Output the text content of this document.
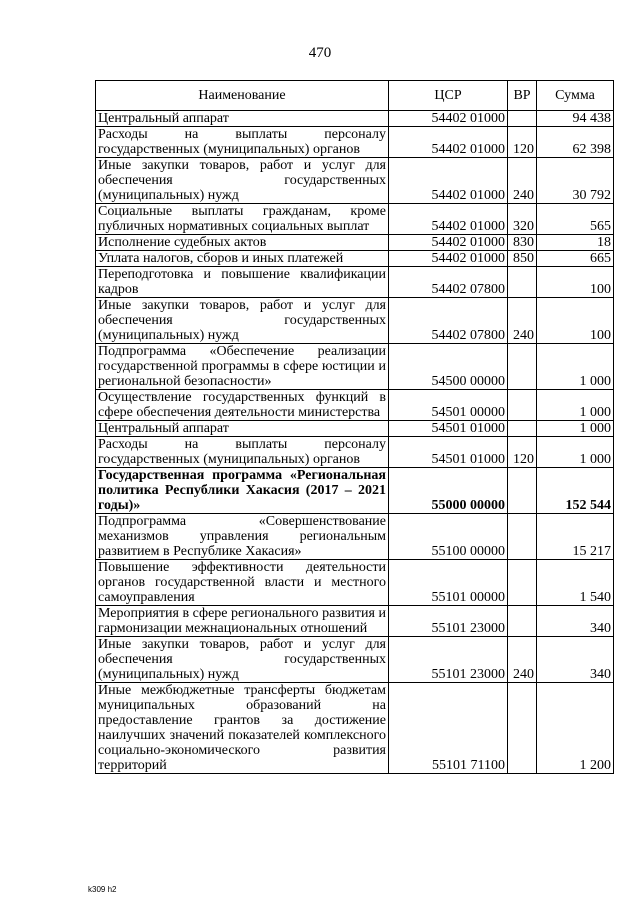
470
Наименование	ЦСР	ВР	Сумма
Центральный аппарат	54402 01000		94 438
Расходы на выплаты персоналу государственных (муниципальных) органов	54402 01000	120	62 398
Иные закупки товаров, работ и услуг для обеспечения государственных (муниципальных) нужд	54402 01000	240	30 792
Социальные выплаты гражданам, кроме публичных нормативных социальных выплат	54402 01000	320	565
Исполнение судебных актов	54402 01000	830	18
Уплата налогов, сборов и иных платежей	54402 01000	850	665
Переподготовка и повышение квалификации кадров	54402 07800		100
Иные закупки товаров, работ и услуг для обеспечения государственных (муниципальных) нужд	54402 07800	240	100
Подпрограмма «Обеспечение реализации государственной программы в сфере юстиции и региональной безопасности»	54500 00000		1 000
Осуществление государственных функций в сфере обеспечения деятельности министерства	54501 00000		1 000
Центральный аппарат	54501 01000		1 000
Расходы на выплаты персоналу государственных (муниципальных) органов	54501 01000	120	1 000
Государственная программа «Региональная политика Республики Хакасия (2017 – 2021 годы)»	55000 00000		152 544
Подпрограмма «Совершенствование механизмов управления региональным развитием в Республике Хакасия»	55100 00000		15 217
Повышение эффективности деятельности органов государственной власти и местного самоуправления	55101 00000		1 540
Мероприятия в сфере регионального развития и гармонизации межнациональных отношений	55101 23000		340
Иные закупки товаров, работ и услуг для обеспечения государственных (муниципальных) нужд	55101 23000	240	340
Иные межбюджетные трансферты бюджетам муниципальных образований на предоставление грантов за достижение наилучших значений показателей комплексного социально-экономического развития территорий	55101 71100		1 200
k309 h2
